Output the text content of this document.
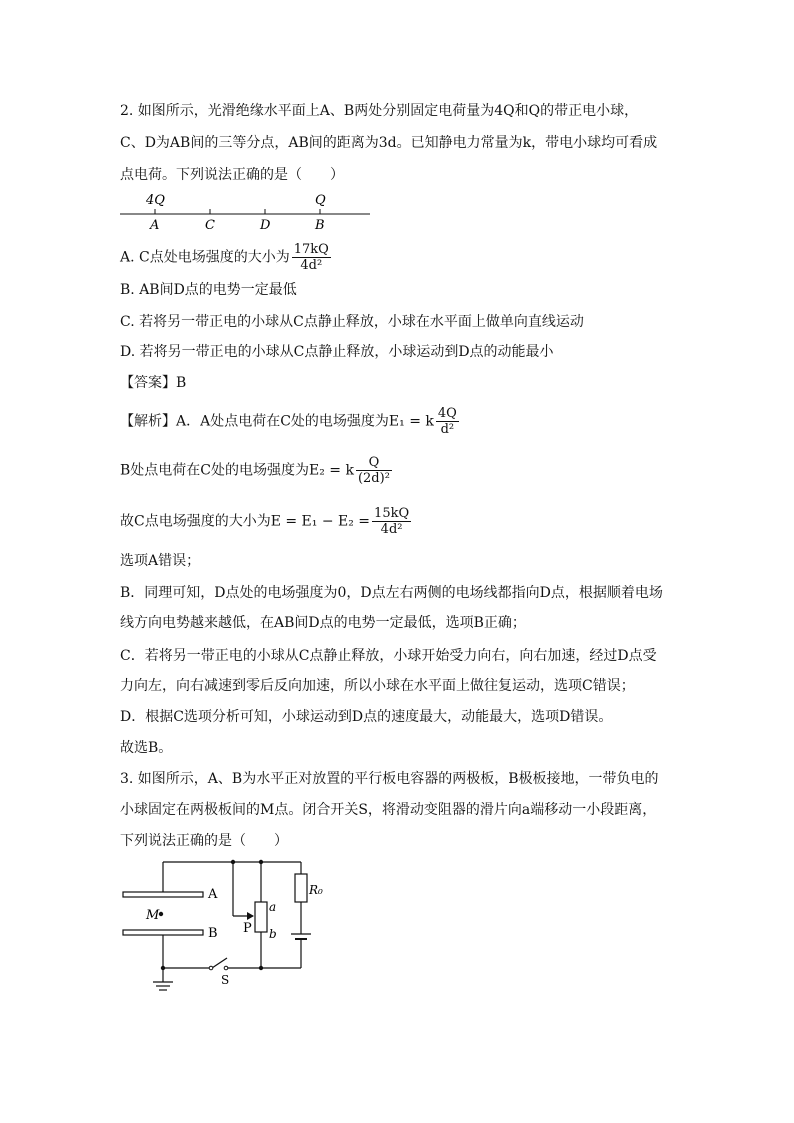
2. 如图所示，光滑绝缘水平面上A、B两处分别固定电荷量为4Q和Q的带正电小球，
C、D为AB间的三等分点，AB间的距离为3d。已知静电力常量为k，带电小球均可看成
点电荷。下列说法正确的是（　　）
4Q	Q
A	C	D	B
A. C点处电场强度的大小为 $\frac{17kQ}{\text{4d²}}$
B. AB间D点的电势一定最低
C. 若将另一带正电的小球从C点静止释放，小球在水平面上做单向直线运动
D. 若将另一带正电的小球从C点静止释放，小球运动到D点的动能最小
【答案】B
【解析】A．A处点电荷在C处的电场强度为E₁ = k $\frac{4Q}{\text{d²}}$
B处点电荷在C处的电场强度为E₂ = k $\frac{Q}{\text{(2d)²}}$
故C点电场强度的大小为$E = E_1 - E_2 = \frac{15kQ}{\text{4d²}}$
选项A错误；
B．同理可知，D点处的电场强度为0，D点左右两侧的电场线都指向D点，根据顺着电场
线方向电势越来越低，在AB间D点的电势一定最低，选项B正确；
C．若将另一带正电的小球从C点静止释放，小球开始受力向右，向右加速，经过D点受
力向左，向右减速到零后反向加速，所以小球在水平面上做往复运动，选项C错误；
D．根据C选项分析可知，小球运动到D点的速度最大，动能最大，选项D错误。
故选B。
3. 如图所示，A、B为水平正对放置的平行板电容器的两极板，B极板接地，一带负电的
小球固定在两极板间的M点。闭合开关S，将滑动变阻器的滑片向a端移动一小段距离，
下列说法正确的是（　　）
A
B
M
P
a
b
S
R₀
